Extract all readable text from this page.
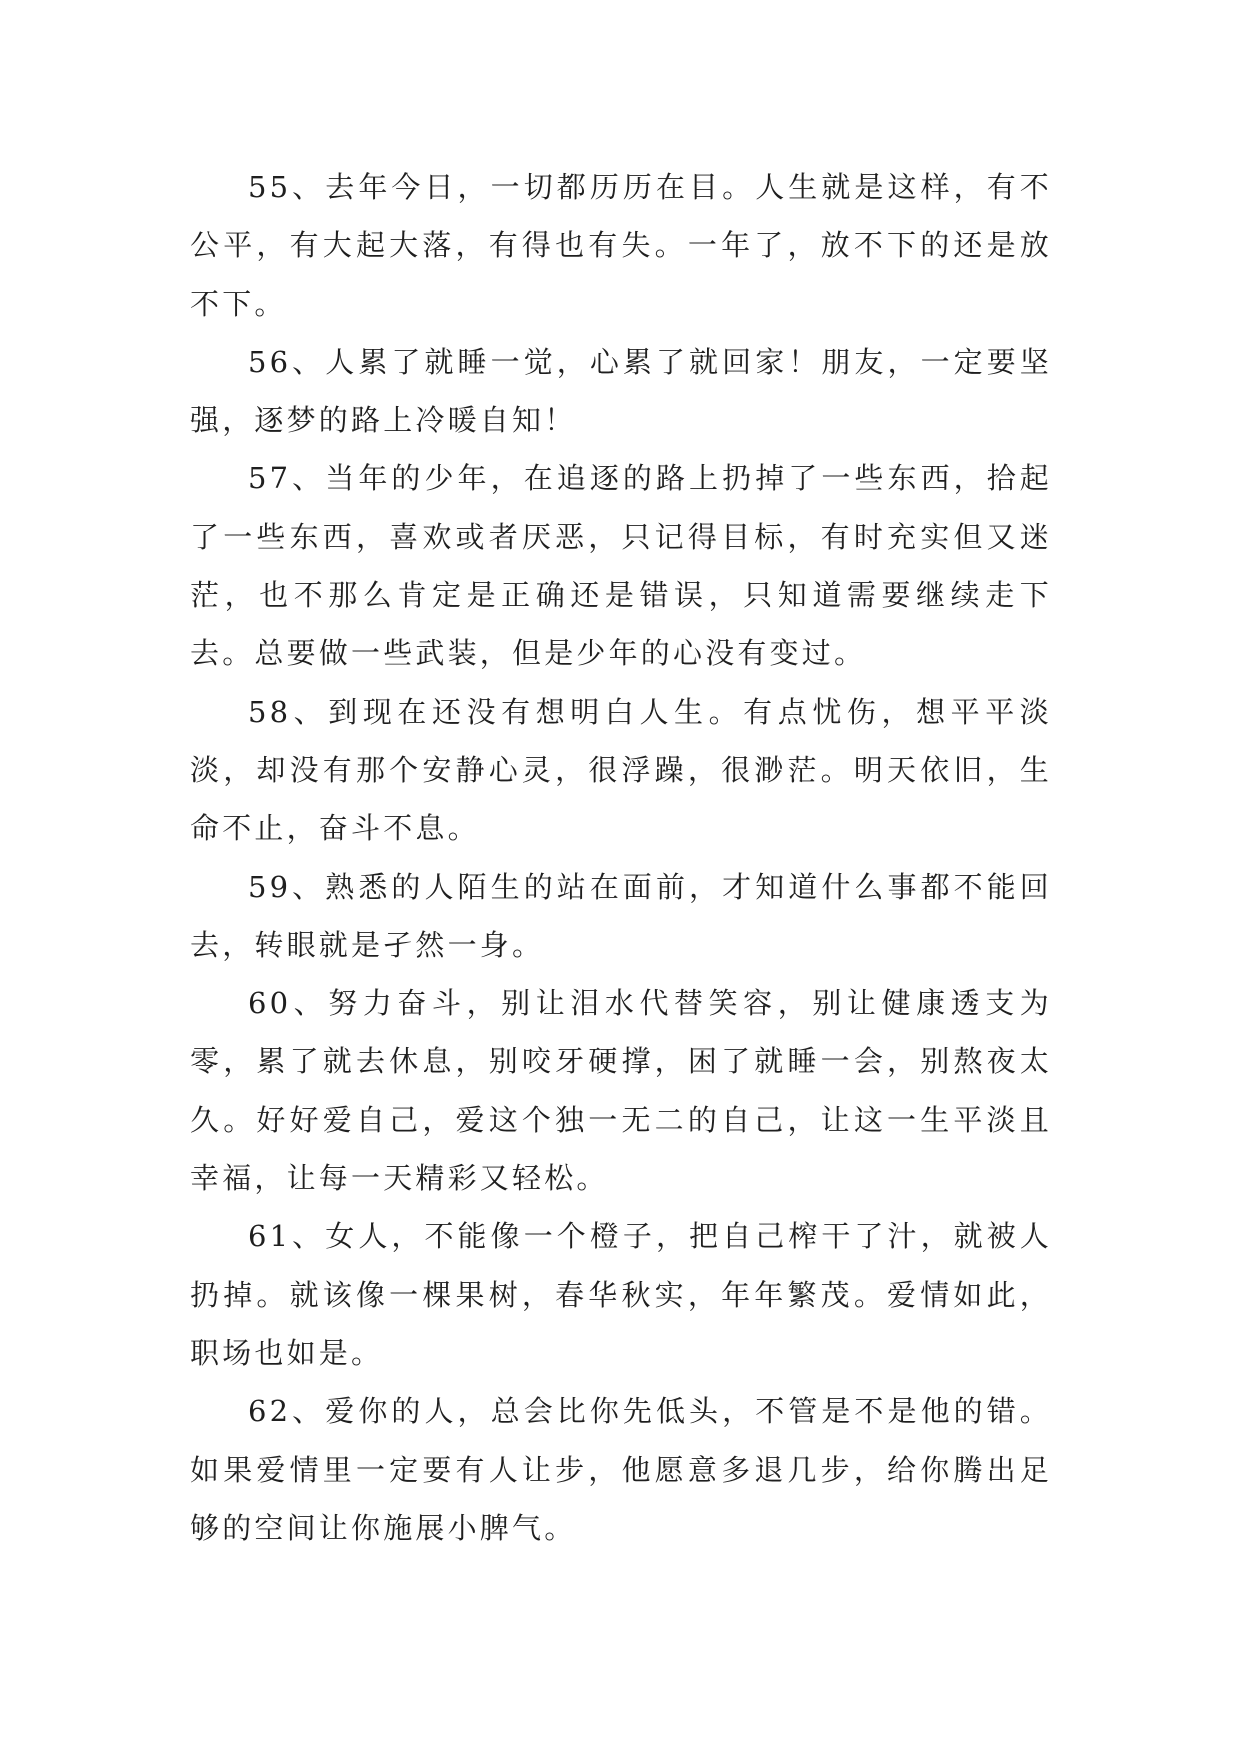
55、去年今日，一切都历历在目。人生就是这样，有不公平，有大起大落，有得也有失。一年了，放不下的还是放不下。

56、人累了就睡一觉，心累了就回家！朋友，一定要坚强，逐梦的路上冷暖自知！

57、当年的少年，在追逐的路上扔掉了一些东西，拾起了一些东西，喜欢或者厌恶，只记得目标，有时充实但又迷茫，也不那么肯定是正确还是错误，只知道需要继续走下去。总要做一些武装，但是少年的心没有变过。

58、到现在还没有想明白人生。有点忧伤，想平平淡淡，却没有那个安静心灵，很浮躁，很渺茫。明天依旧，生命不止，奋斗不息。

59、熟悉的人陌生的站在面前，才知道什么事都不能回去，转眼就是孑然一身。

60、努力奋斗，别让泪水代替笑容，别让健康透支为零，累了就去休息，别咬牙硬撑，困了就睡一会，别熬夜太久。好好爱自己，爱这个独一无二的自己，让这一生平淡且幸福，让每一天精彩又轻松。

61、女人，不能像一个橙子，把自己榨干了汁，就被人扔掉。就该像一棵果树，春华秋实，年年繁茂。爱情如此，职场也如是。

62、爱你的人，总会比你先低头，不管是不是他的错。如果爱情里一定要有人让步，他愿意多退几步，给你腾出足够的空间让你施展小脾气。
